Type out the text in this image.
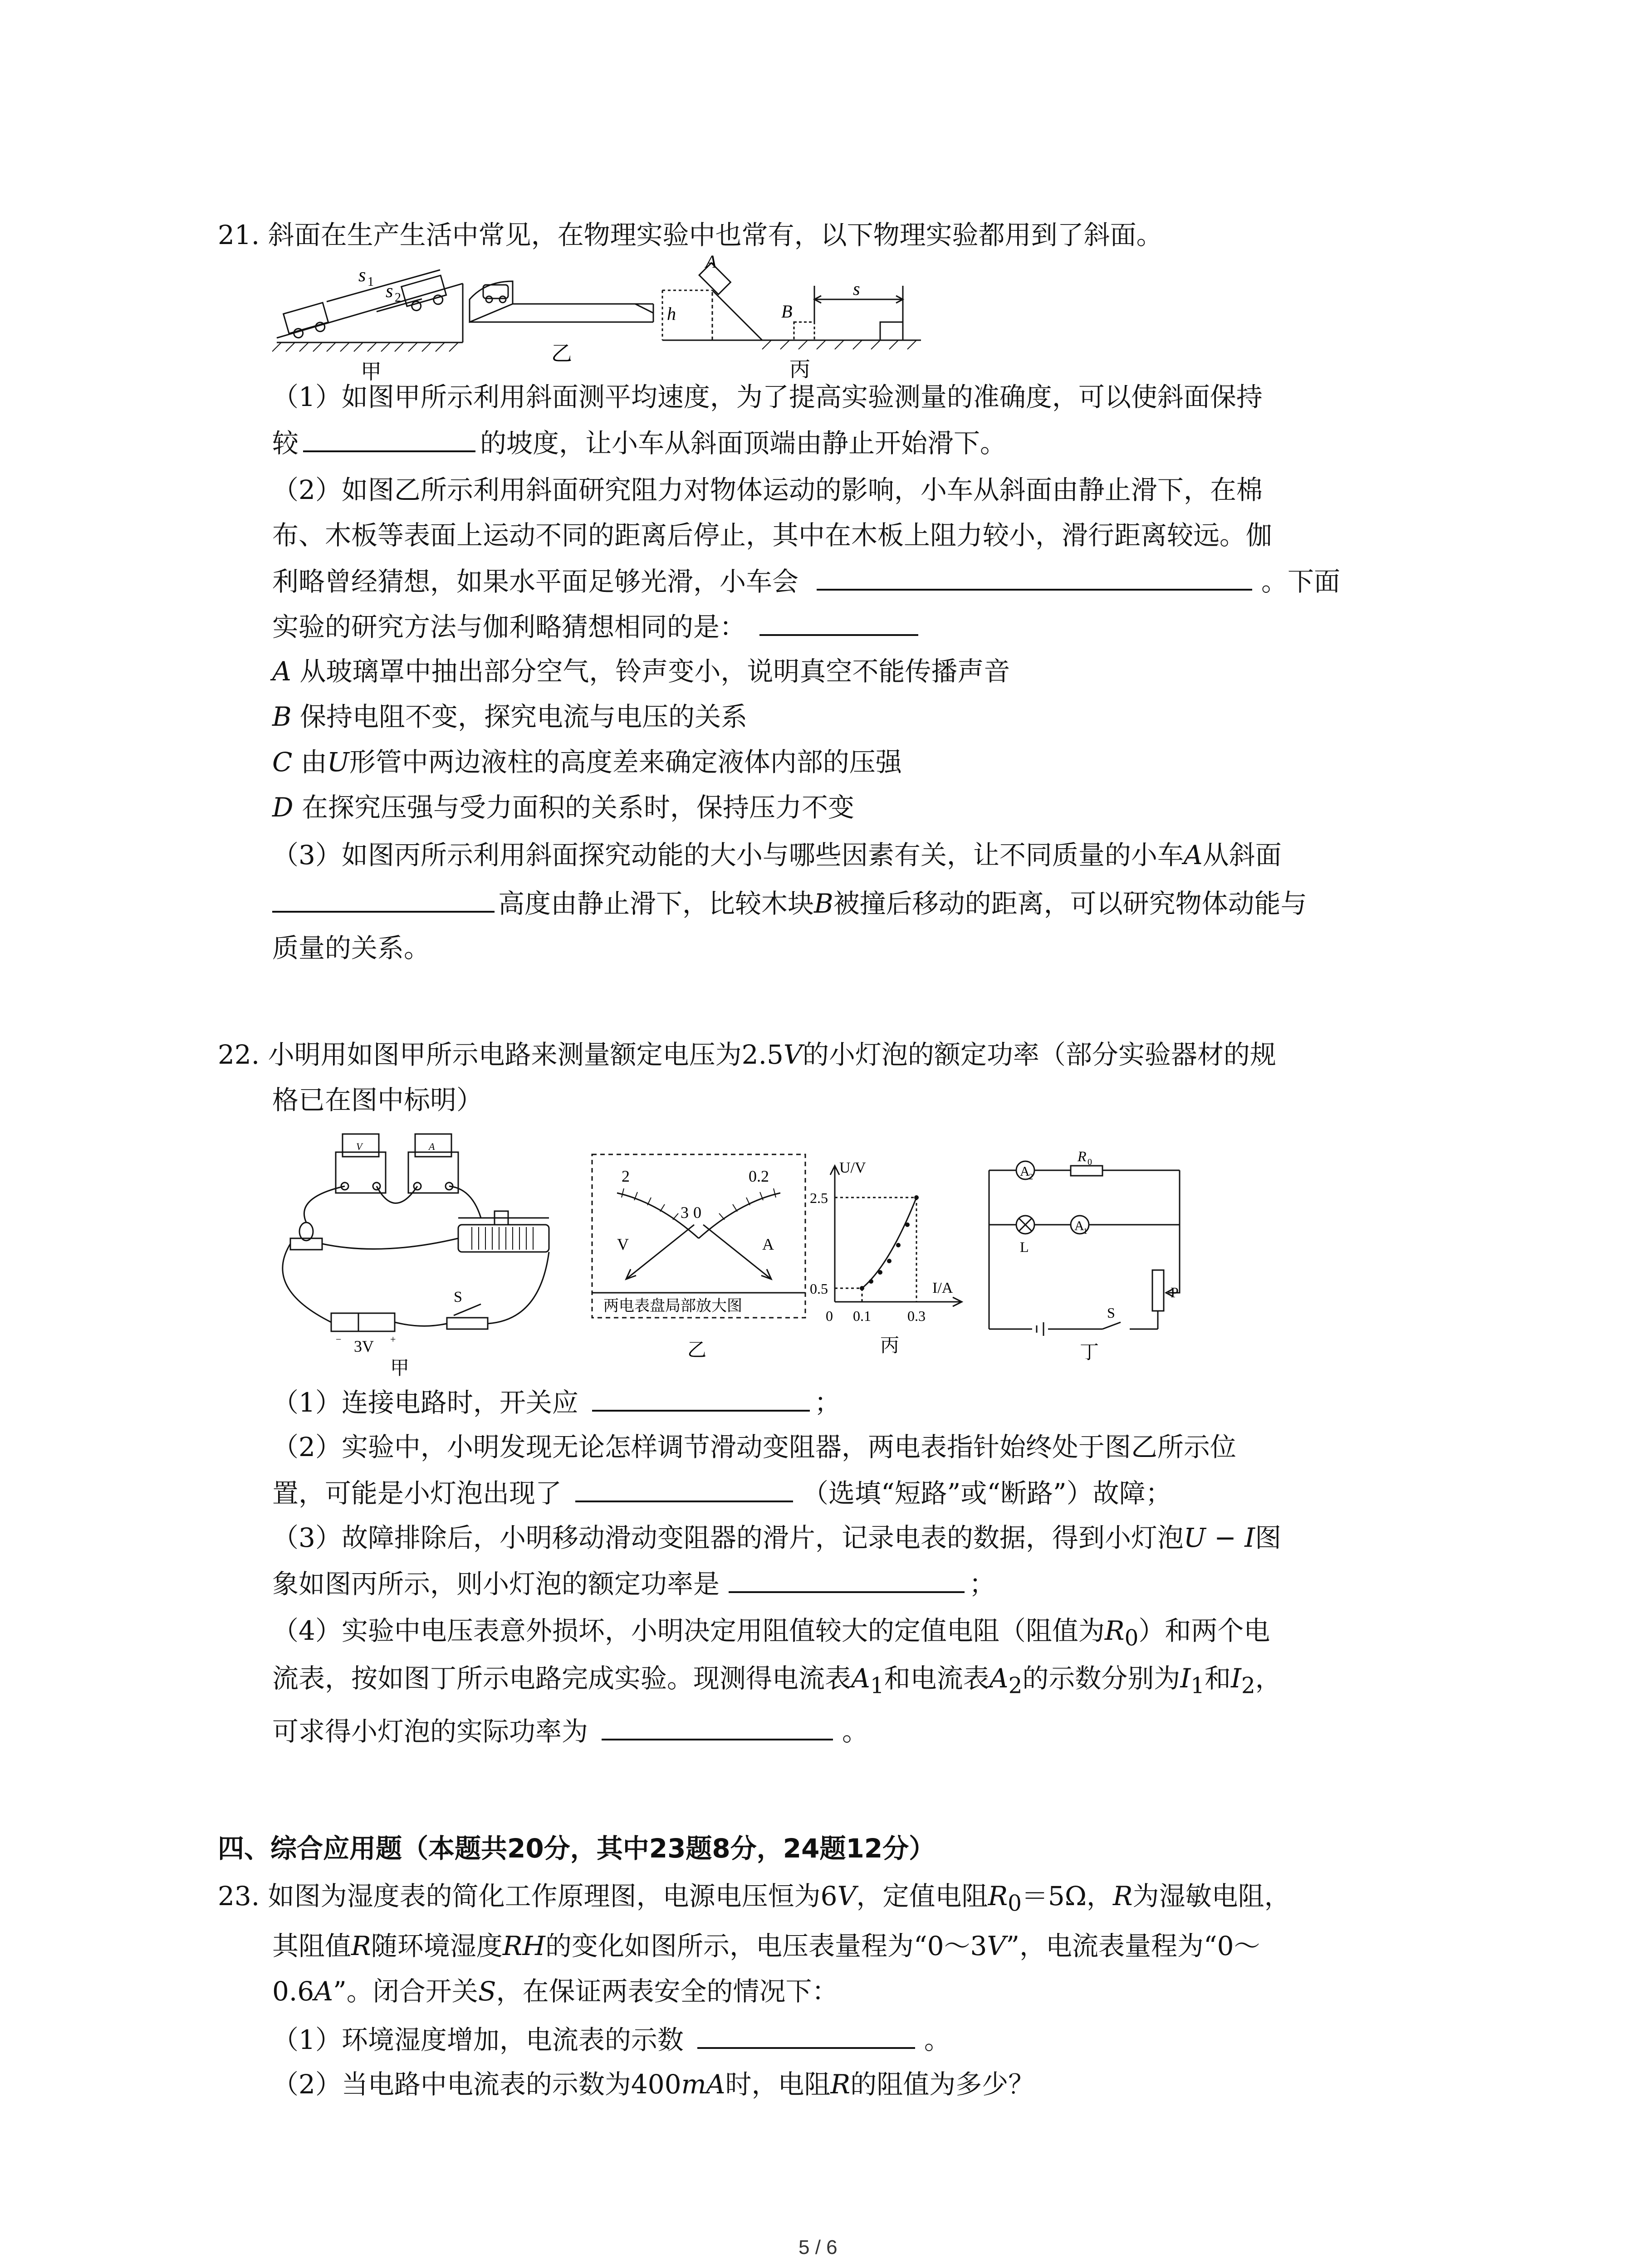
21. 斜面在生产生活中常见，在物理实验中也常有，以下物理实验都用到了斜面。
s 1 s 2
甲
乙
A
h	B
s
丙
（1）如图甲所示利用斜面测平均速度，为了提高实验测量的准确度，可以使斜面保持
较	的坡度，让小车从斜面顶端由静止开始滑下。
（2）如图乙所示利用斜面研究阻力对物体运动的影响，小车从斜面由静止滑下，在棉
布、木板等表面上运动不同的距离后停止，其中在木板上阻力较小，滑行距离较远。伽
利略曾经猜想，如果水平面足够光滑，小车会	。下面
实验的研究方法与伽利略猜想相同的是：
A 从玻璃罩中抽出部分空气，铃声变小，说明真空不能传播声音
B 保持电阻不变，探究电流与电压的关系
C 由U形管中两边液柱的高度差来确定液体内部的压强
D 在探究压强与受力面积的关系时，保持压力不变
（3）如图丙所示利用斜面探究动能的大小与哪些因素有关，让不同质量的小车A从斜面
高度由静止滑下，比较木块B被撞后移动的距离，可以研究物体动能与
质量的关系。
22. 小明用如图甲所示电路来测量额定电压为2.5V的小灯泡的额定功率（部分实验器材的规
格已在图中标明）
V	A
−	+
S
3V
甲
2
3 0
0.2
V	A
两电表盘局部放大图
乙
U/V
I/A
2.5
0.5
0 0.1	0.3
丙
A
2
A
1
R 0
L
P
S
丁
（1）连接电路时，开关应	；
（2）实验中，小明发现无论怎样调节滑动变阻器，两电表指针始终处于图乙所示位
置，可能是小灯泡出现了	（选填“短路”或“断路”）故障；
（3）故障排除后，小明移动滑动变阻器的滑片，记录电表的数据，得到小灯泡U − I图
象如图丙所示，则小灯泡的额定功率是	；
（4）实验中电压表意外损坏，小明决定用阻值较大的定值电阻（阻值为$R_0$）和两个电
流表，按如图丁所示电路完成实验。现测得电流表$A_1$和电流表$A_2$的示数分别为$I_1$和$I_2$，
可求得小灯泡的实际功率为	。
四、综合应用题（本题共20分，其中23题8分，24题12分）
23. 如图为湿度表的简化工作原理图，电源电压恒为6V，定值电阻$R_0=5\Omega$，R为湿敏电阻，
其阻值R随环境湿度RH的变化如图所示，电压表量程为“0～3V”，电流表量程为“0～
0.6A”。闭合开关S，在保证两表安全的情况下：
（1）环境湿度增加，电流表的示数	。
（2）当电路中电流表的示数为400mA时，电阻R的阻值为多少？
5 / 6
